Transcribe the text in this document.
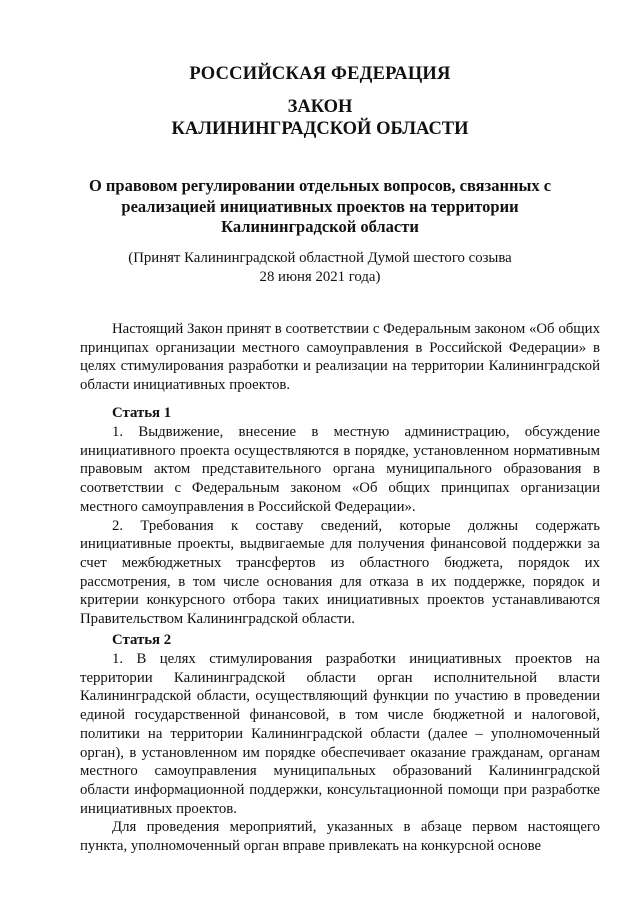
РОССИЙСКАЯ ФЕДЕРАЦИЯ
ЗАКОН
КАЛИНИНГРАДСКОЙ ОБЛАСТИ
О правовом регулировании отдельных вопросов, связанных с реализацией инициативных проектов на территории Калининградской области
(Принят Калининградской областной Думой шестого созыва
28 июня 2021 года)

Настоящий Закон принят в соответствии с Федеральным законом «Об общих принципах организации местного самоуправления в Российской Федерации» в целях стимулирования разработки и реализации на территории Калининградской области инициативных проектов.

Статья 1

1. Выдвижение, внесение в местную администрацию, обсуждение инициативного проекта осуществляются в порядке, установленном нормативным правовым актом представительного органа муниципального образования в соответствии с Федеральным законом «Об общих принципах организации местного самоуправления в Российской Федерации».

2. Требования к составу сведений, которые должны содержать инициативные проекты, выдвигаемые для получения финансовой поддержки за счет межбюджетных трансфертов из областного бюджета, порядок их рассмотрения, в том числе основания для отказа в их поддержке, порядок и критерии конкурсного отбора таких инициативных проектов устанавливаются Правительством Калининградской области.

Статья 2

1. В целях стимулирования разработки инициативных проектов на территории Калининградской области орган исполнительной власти Калининградской области, осуществляющий функции по участию в проведении единой государственной финансовой, в том числе бюджетной и налоговой, политики на территории Калининградской области (далее – уполномоченный орган), в установленном им порядке обеспечивает оказание гражданам, органам местного самоуправления муниципальных образований Калининградской области информационной поддержки, консультационной помощи при разработке инициативных проектов.

Для проведения мероприятий, указанных в абзаце первом настоящего пункта, уполномоченный орган вправе привлекать на конкурсной основе
